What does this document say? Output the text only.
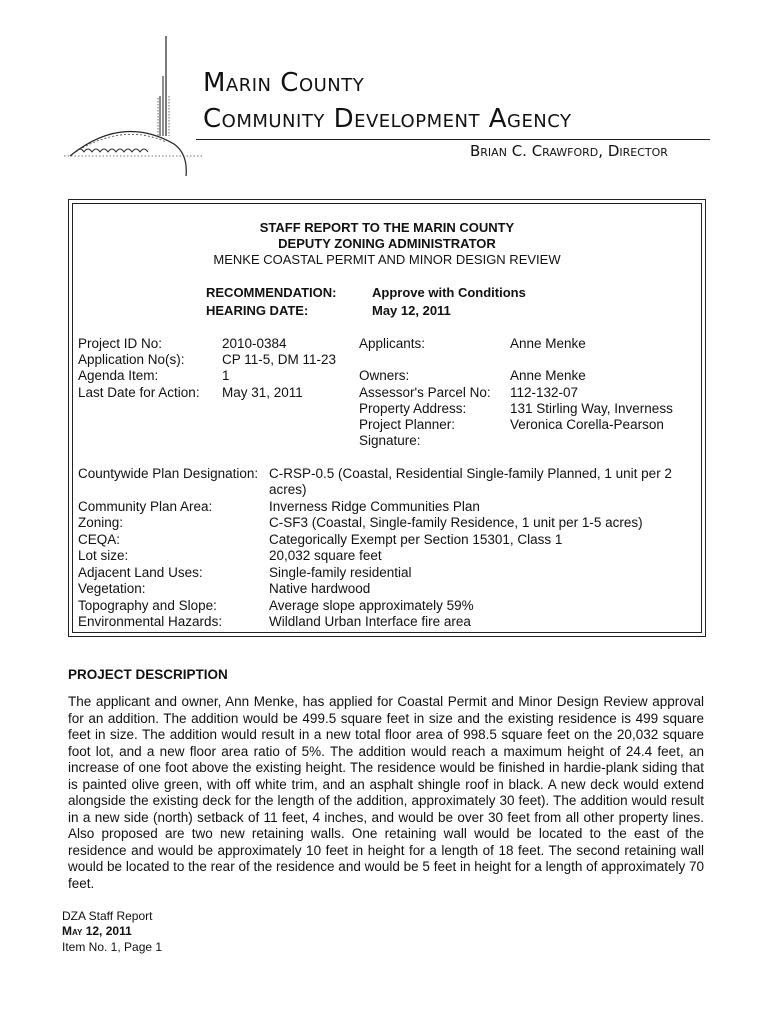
Marin County
Community Development Agency
Brian C. Crawford, Director
STAFF REPORT TO THE MARIN COUNTY
DEPUTY ZONING ADMINISTRATOR
MENKE COASTAL PERMIT AND MINOR DESIGN REVIEW
RECOMMENDATION:	Approve with Conditions
HEARING DATE:	May 12, 2011
Project ID No:	2010-0384
Application No(s):	CP 11-5, DM 11-23
Agenda Item:	1
Last Date for Action: May 31, 2011
Applicants:	Anne Menke
Owners:	Anne Menke
Assessor's Parcel No: 112-132-07
Property Address:	131 Stirling Way, Inverness
Project Planner:	Veronica Corella-Pearson
Signature:
Countywide Plan Designation: C-RSP-0.5 (Coastal, Residential Single-family Planned, 1 unit per 2
acres)
Community Plan Area:	Inverness Ridge Communities Plan
Zoning:	C-SF3 (Coastal, Single-family Residence, 1 unit per 1-5 acres)
CEQA:	Categorically Exempt per Section 15301, Class 1
Lot size:	20,032 square feet
Adjacent Land Uses:	Single-family residential
Vegetation:	Native hardwood
Topography and Slope:	Average slope approximately 59%
Environmental Hazards:	Wildland Urban Interface fire area
PROJECT DESCRIPTION
The applicant and owner, Ann Menke, has applied for Coastal Permit and Minor Design Review approval for an addition. The addition would be 499.5 square feet in size and the existing residence is 499 square feet in size. The addition would result in a new total floor area of 998.5 square feet on the 20,032 square foot lot, and a new floor area ratio of 5%. The addition would reach a maximum height of 24.4 feet, an increase of one foot above the existing height. The residence would be finished in hardie-plank siding that is painted olive green, with off white trim, and an asphalt shingle roof in black. A new deck would extend alongside the existing deck for the length of the addition, approximately 30 feet). The addition would result in a new side (north) setback of 11 feet, 4 inches, and would be over 30 feet from all other property lines. Also proposed are two new retaining walls. One retaining wall would be located to the east of the residence and would be approximately 10 feet in height for a length of 18 feet. The second retaining wall would be located to the rear of the residence and would be 5 feet in height for a length of approximately 70 feet.
DZA Staff Report
May 12, 2011
Item No. 1, Page 1
